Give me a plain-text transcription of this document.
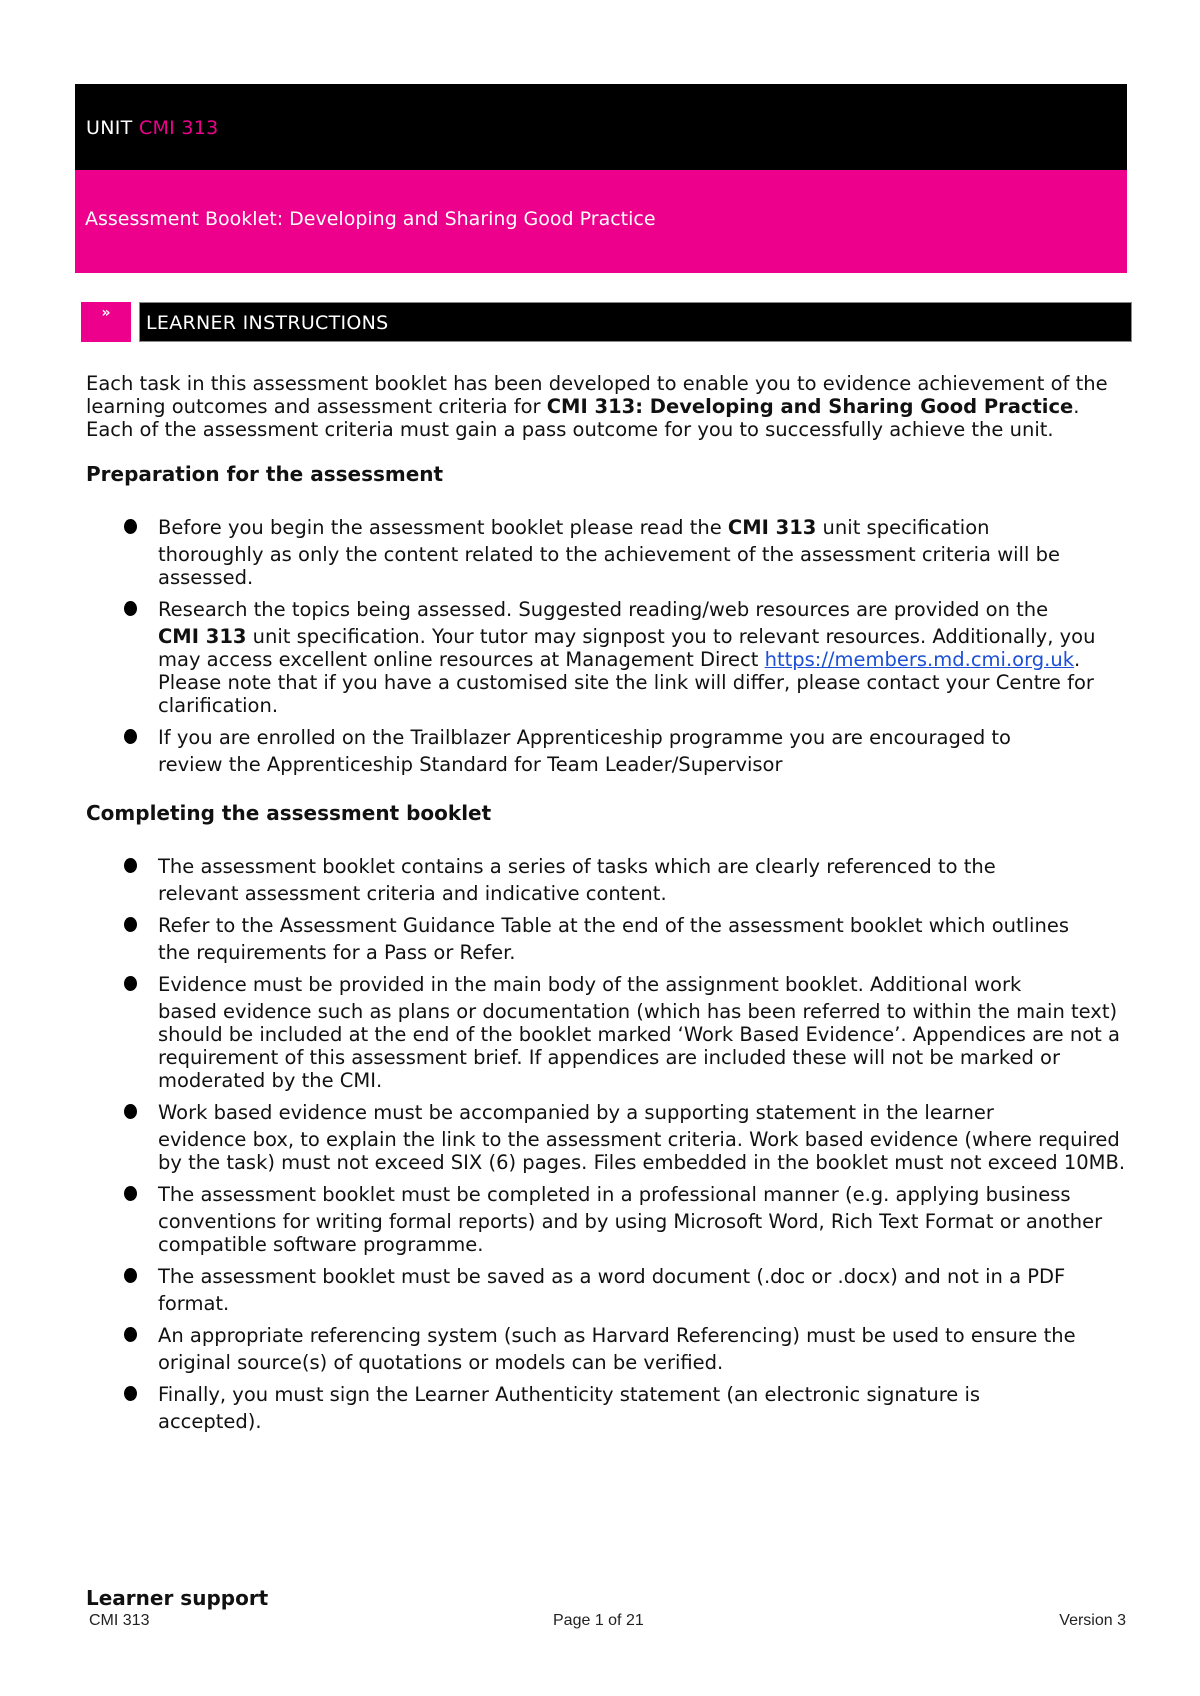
UNIT CMI 313
Assessment Booklet: Developing and Sharing Good Practice
»	LEARNER INSTRUCTIONS

Each task in this assessment booklet has been developed to enable you to evidence achievement of the learning outcomes and assessment criteria for CMI 313: Developing and Sharing Good Practice. Each of the assessment criteria must gain a pass outcome for you to successfully achieve the unit.

Preparation for the assessment
Before you begin the assessment booklet please read the CMI 313 unit specification
thoroughly as only the content related to the achievement of the assessment criteria will be assessed.
Research the topics being assessed. Suggested reading/web resources are provided on the
CMI 313 unit specification. Your tutor may signpost you to relevant resources. Additionally, you may access excellent online resources at Management Direct https://members.md.cmi.org.uk. Please note that if you have a customised site the link will differ, please contact your Centre for clarification.
If you are enrolled on the Trailblazer Apprenticeship programme you are encouraged to
review the Apprenticeship Standard for Team Leader/Supervisor
Completing the assessment booklet
The assessment booklet contains a series of tasks which are clearly referenced to the
relevant assessment criteria and indicative content.
Refer to the Assessment Guidance Table at the end of the assessment booklet which outlines
the requirements for a Pass or Refer.
Evidence must be provided in the main body of the assignment booklet. Additional work
based evidence such as plans or documentation (which has been referred to within the main text) should be included at the end of the booklet marked ‘Work Based Evidence’. Appendices are not a requirement of this assessment brief. If appendices are included these will not be marked or moderated by the CMI.
Work based evidence must be accompanied by a supporting statement in the learner
evidence box, to explain the link to the assessment criteria. Work based evidence (where required by the task) must not exceed SIX (6) pages. Files embedded in the booklet must not exceed 10MB.
The assessment booklet must be completed in a professional manner (e.g. applying business
conventions for writing formal reports) and by using Microsoft Word, Rich Text Format or another compatible software programme.
The assessment booklet must be saved as a word document (.doc or .docx) and not in a PDF
format.
An appropriate referencing system (such as Harvard Referencing) must be used to ensure the
original source(s) of quotations or models can be verified.
Finally, you must sign the Learner Authenticity statement (an electronic signature is
accepted).
Learner support
CMI 313	Page 1 of 21	Version 3
